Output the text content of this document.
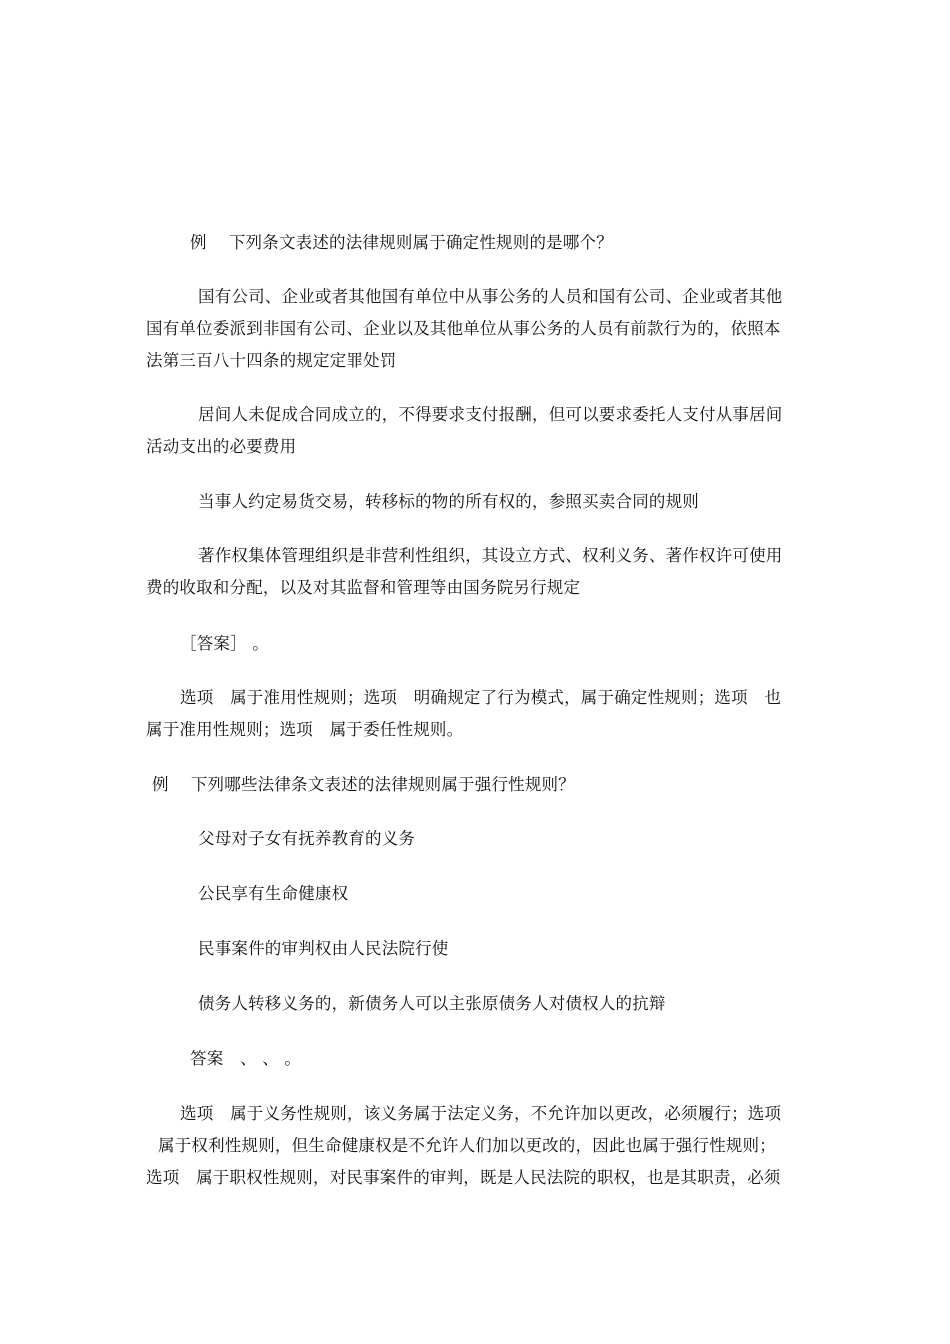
例　 下列条文表述的法律规则属于确定性规则的是哪个？
国有公司、企业或者其他国有单位中从事公务的人员和国有公司、企业或者其他
国有单位委派到非国有公司、企业以及其他单位从事公务的人员有前款行为的，依照本
法第三百八十四条的规定定罪处罚
居间人未促成合同成立的，不得要求支付报酬，但可以要求委托人支付从事居间
活动支出的必要费用
当事人约定易货交易，转移标的物的所有权的，参照买卖合同的规则
著作权集体管理组织是非营利性组织，其设立方式、权利义务、著作权许可使用
费的收取和分配，以及对其监督和管理等由国务院另行规定
［答案］ 。
选项　属于准用性规则；选项　明确规定了行为模式，属于确定性规则；选项　也
属于准用性规则；选项　属于委任性规则。
例　 下列哪些法律条文表述的法律规则属于强行性规则？
父母对子女有抚养教育的义务
公民享有生命健康权
民事案件的审判权由人民法院行使
债务人转移义务的，新债务人可以主张原债务人对债权人的抗辩
答案　、 、 。
选项　属于义务性规则，该义务属于法定义务，不允许加以更改，必须履行；选项
属于权利性规则，但生命健康权是不允许人们加以更改的，因此也属于强行性规则；
选项　属于职权性规则，对民事案件的审判，既是人民法院的职权，也是其职责，必须
